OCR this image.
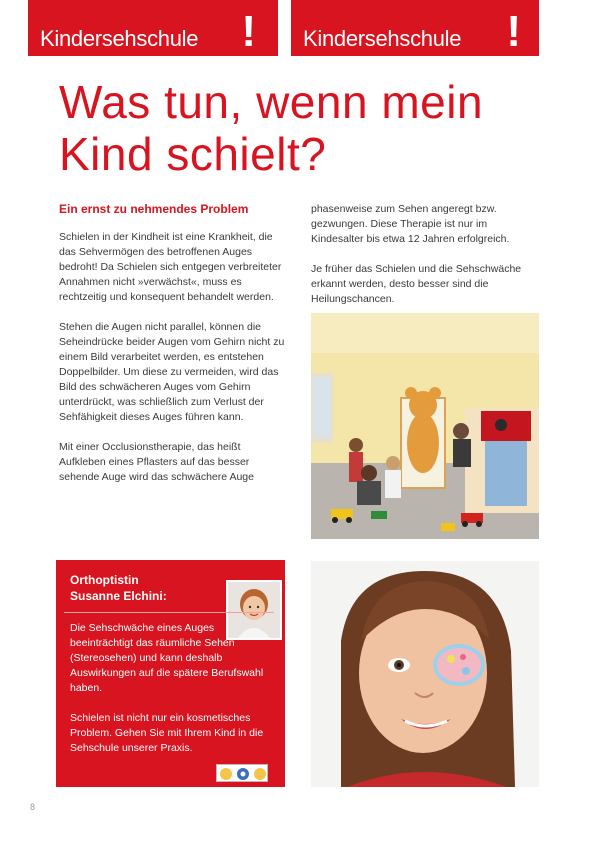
Kindersehschule ! Kindersehschule !
Was tun, wenn mein
Kind schielt?
Ein ernst zu nehmendes Problem

Schielen in der Kindheit ist eine Krankheit, die das Sehvermögen des betroffenen Auges bedroht! Da Schielen sich entgegen verbreiteter Annahmen nicht »verwächst«, muss es rechtzeitig und konsequent behandelt werden.

Stehen die Augen nicht parallel, können die Seheindrücke beider Augen vom Gehirn nicht zu einem Bild verarbeitet werden, es entstehen Doppelbilder. Um diese zu vermeiden, wird das Bild des schwächeren Auges vom Gehirn unterdrückt, was schließlich zum Verlust der Sehfähigkeit dieses Auges führen kann.

Mit einer Occlusionstherapie, das heißt Aufkleben eines Pflasters auf das besser sehende Auge wird das schwächere Auge

phasenweise zum Sehen angeregt bzw. gezwungen. Diese Therapie ist nur im Kindesalter bis etwa 12 Jahren erfolgreich.

Je früher das Schielen und die Sehschwäche erkannt werden, desto besser sind die Heilungschancen.

Orthoptistin
Susanne Elchini:

Die Sehschwäche eines Auges beeinträchtigt das räumliche Sehen (Stereosehen) und kann deshalb Auswirkungen auf die spätere Berufswahl haben.

Schielen ist nicht nur ein kosmetisches Problem. Gehen Sie mit Ihrem Kind in die Sehschule unserer Praxis.

8
